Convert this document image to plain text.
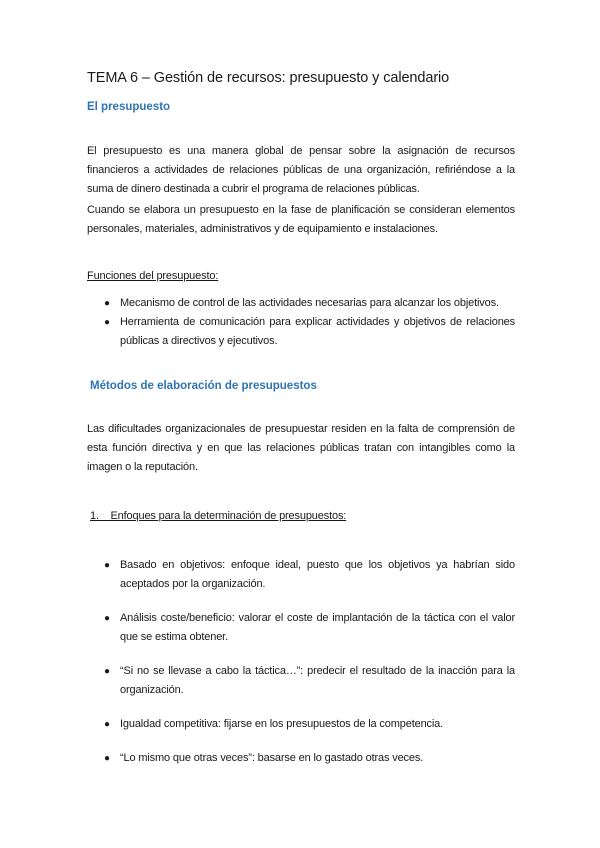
TEMA 6 – Gestión de recursos: presupuesto y calendario
El presupuesto

El presupuesto es una manera global de pensar sobre la asignación de recursos financieros a actividades de relaciones públicas de una organización, refiriéndose a la suma de dinero destinada a cubrir el programa de relaciones públicas.

Cuando se elabora un presupuesto en la fase de planificación se consideran elementos personales, materiales, administrativos y de equipamiento e instalaciones.

Funciones del presupuesto:

● Mecanismo de control de las actividades necesarias para alcanzar los objetivos.
● Herramienta de comunicación para explicar actividades y objetivos de relaciones públicas a directivos y ejecutivos.
Métodos de elaboración de presupuestos

Las dificultades organizacionales de presupuestar residen en la falta de comprensión de esta función directiva y en que las relaciones públicas tratan con intangibles como la imagen o la reputación.

1.    Enfoques para la determinación de presupuestos:

● Basado en objetivos: enfoque ideal, puesto que los objetivos ya habrían sido aceptados por la organización.
● Análisis coste/beneficio: valorar el coste de implantación de la táctica con el valor que se estima obtener.
● “Si no se llevase a cabo la táctica…”: predecir el resultado de la inacción para la organización.
● Igualdad competitiva: fijarse en los presupuestos de la competencia.
● “Lo mismo que otras veces”: basarse en lo gastado otras veces.
